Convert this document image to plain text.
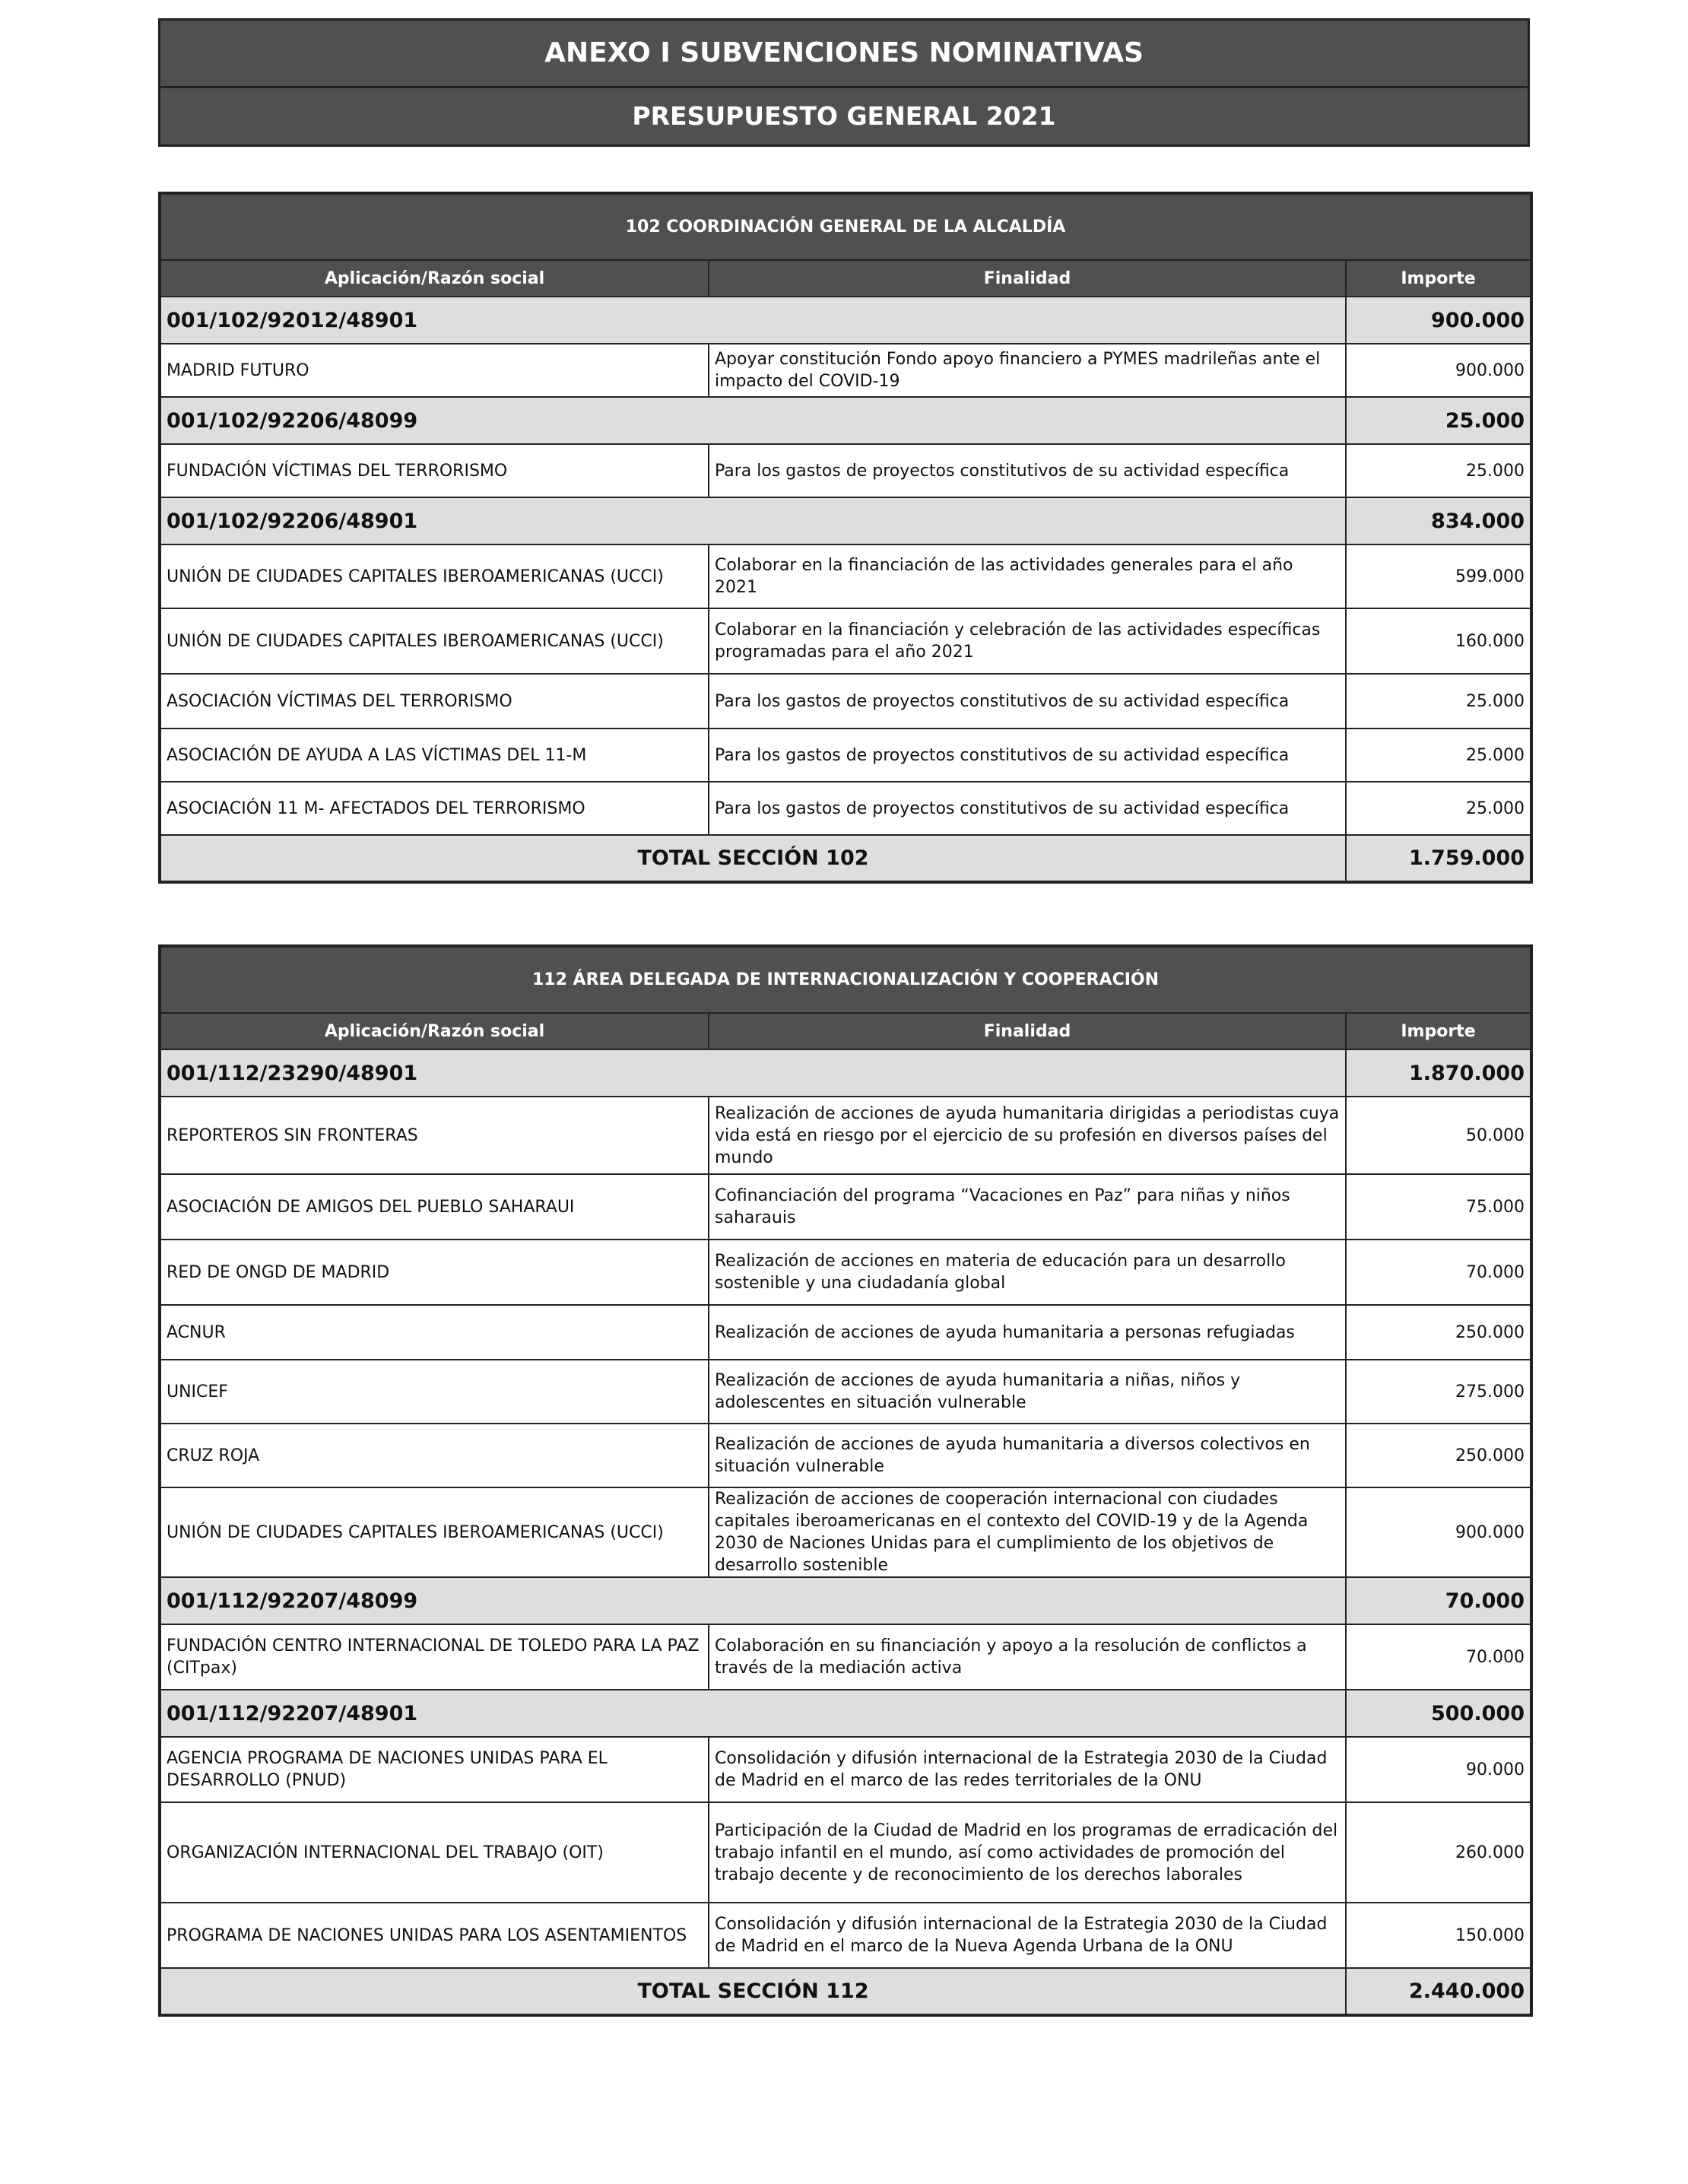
ANEXO I SUBVENCIONES NOMINATIVAS
PRESUPUESTO GENERAL 2021
102 COORDINACIÓN GENERAL DE LA ALCALDÍA		
Aplicación/Razón social	Finalidad	Importe
001/102/92012/48901		900.000
MADRID FUTURO	Apoyar constitución Fondo apoyo financiero a PYMES madrileñas ante el impacto del COVID-19	900.000
001/102/92206/48099		25.000
FUNDACIÓN VÍCTIMAS DEL TERRORISMO	Para los gastos de proyectos constitutivos de su actividad específica	25.000
001/102/92206/48901		834.000
UNIÓN DE CIUDADES CAPITALES IBEROAMERICANAS (UCCI)	Colaborar en la financiación de las actividades generales para el año 2021	599.000
UNIÓN DE CIUDADES CAPITALES IBEROAMERICANAS (UCCI)	Colaborar en la financiación y celebración de las actividades específicas programadas para el año 2021	160.000
ASOCIACIÓN VÍCTIMAS DEL TERRORISMO	Para los gastos de proyectos constitutivos de su actividad específica	25.000
ASOCIACIÓN DE AYUDA A LAS VÍCTIMAS DEL 11-M	Para los gastos de proyectos constitutivos de su actividad específica	25.000
ASOCIACIÓN 11 M- AFECTADOS DEL TERRORISMO	Para los gastos de proyectos constitutivos de su actividad específica	25.000
TOTAL SECCIÓN 102		1.759.000
112 ÁREA DELEGADA DE INTERNACIONALIZACIÓN Y COOPERACIÓN		
Aplicación/Razón social	Finalidad	Importe
001/112/23290/48901		1.870.000
REPORTEROS SIN FRONTERAS	Realización de acciones de ayuda humanitaria dirigidas a periodistas cuya vida está en riesgo por el ejercicio de su profesión en diversos países del mundo	50.000
ASOCIACIÓN DE AMIGOS DEL PUEBLO SAHARAUI	Cofinanciación del programa “Vacaciones en Paz” para niñas y niños saharauis	75.000
RED DE ONGD DE MADRID	Realización de acciones en materia de educación para un desarrollo sostenible y una ciudadanía global	70.000
ACNUR	Realización de acciones de ayuda humanitaria a personas refugiadas	250.000
UNICEF	Realización de acciones de ayuda humanitaria a niñas, niños y adolescentes en situación vulnerable	275.000
CRUZ ROJA	Realización de acciones de ayuda humanitaria a diversos colectivos en situación vulnerable	250.000
UNIÓN DE CIUDADES CAPITALES IBEROAMERICANAS (UCCI)	Realización de acciones de cooperación internacional con ciudades capitales iberoamericanas en el contexto del COVID-19 y de la Agenda 2030 de Naciones Unidas para el cumplimiento de los objetivos de desarrollo sostenible	900.000
001/112/92207/48099		70.000
FUNDACIÓN CENTRO INTERNACIONAL DE TOLEDO PARA LA PAZ (CITpax)	Colaboración en su financiación y apoyo a la resolución de conflictos a través de la mediación activa	70.000
001/112/92207/48901		500.000
AGENCIA PROGRAMA DE NACIONES UNIDAS PARA EL DESARROLLO (PNUD)	Consolidación y difusión internacional de la Estrategia 2030 de la Ciudad de Madrid en el marco de las redes territoriales de la ONU	90.000
ORGANIZACIÓN INTERNACIONAL DEL TRABAJO (OIT)	Participación de la Ciudad de Madrid en los programas de erradicación del trabajo infantil en el mundo, así como actividades de promoción del trabajo decente y de reconocimiento de los derechos laborales	260.000
PROGRAMA DE NACIONES UNIDAS PARA LOS ASENTAMIENTOS	Consolidación y difusión internacional de la Estrategia 2030 de la Ciudad de Madrid en el marco de la Nueva Agenda Urbana de la ONU	150.000
TOTAL SECCIÓN 112		2.440.000
